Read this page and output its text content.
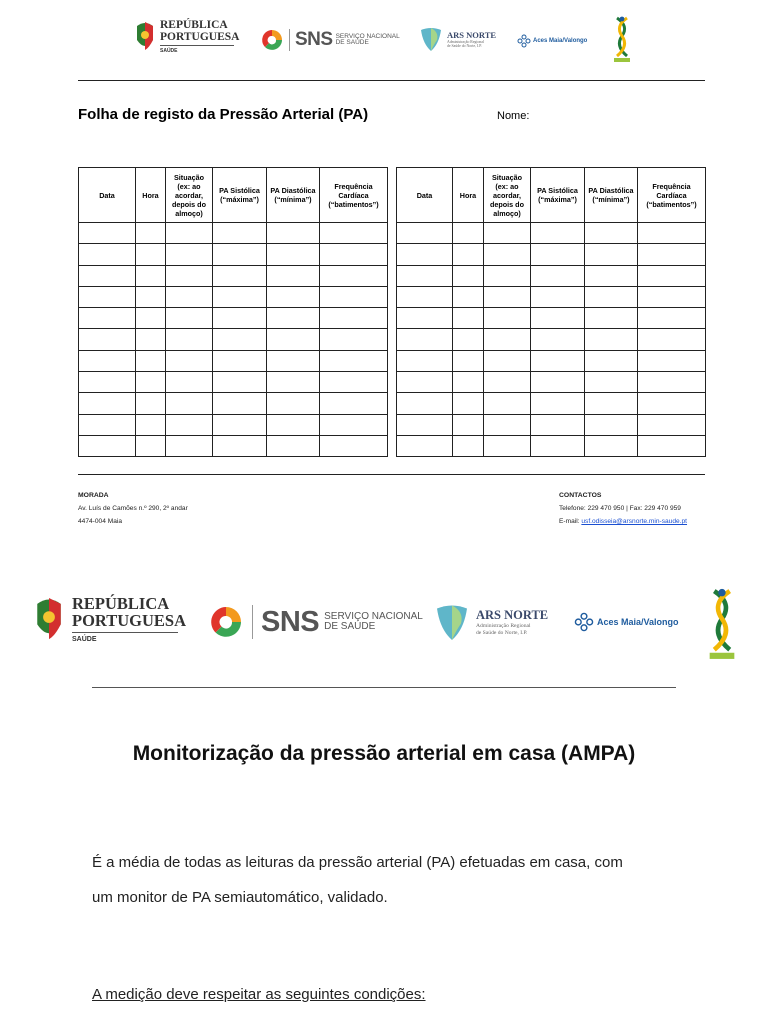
REPÚBLICA
PORTUGUESA
SAÚDE
SNS SERVIÇO NACIONAL
DE SAÚDE
ARS NORTE
Administração Regional
de Saúde do Norte, I.P.
Aces Maia/Valongo
Folha de registo da Pressão Arterial (PA)	Nome:
Data	Hora	Situação (ex: ao acordar, depois do almoço)	PA Sistólica (“máxima”)	PA Diastólica (“mínima”)	Frequência Cardíaca (“batimentos”)

Data	Hora	Situação (ex: ao acordar, depois do almoço)	PA Sistólica (“máxima”)	PA Diastólica (“mínima”)	Frequência Cardíaca (“batimentos”)

MORADA
Av. Luís de Camões n.º 290, 2º andar
4474-004 Maia
CONTACTOS
Telefone: 229 470 950 | Fax: 229 470 959
E-mail: usf.odisseia@arsnorte.min-saude.pt
REPÚBLICA
PORTUGUESA
SAÚDE
SNS SERVIÇO NACIONAL
DE SAÚDE
ARS NORTE
Administração Regional
de Saúde do Norte, I.P.
Aces Maia/Valongo
Monitorização da pressão arterial em casa (AMPA)
É a média de todas as leituras da pressão arterial (PA) efetuadas em casa, com
um monitor de PA semiautomático, validado.
A medição deve respeitar as seguintes condições:
